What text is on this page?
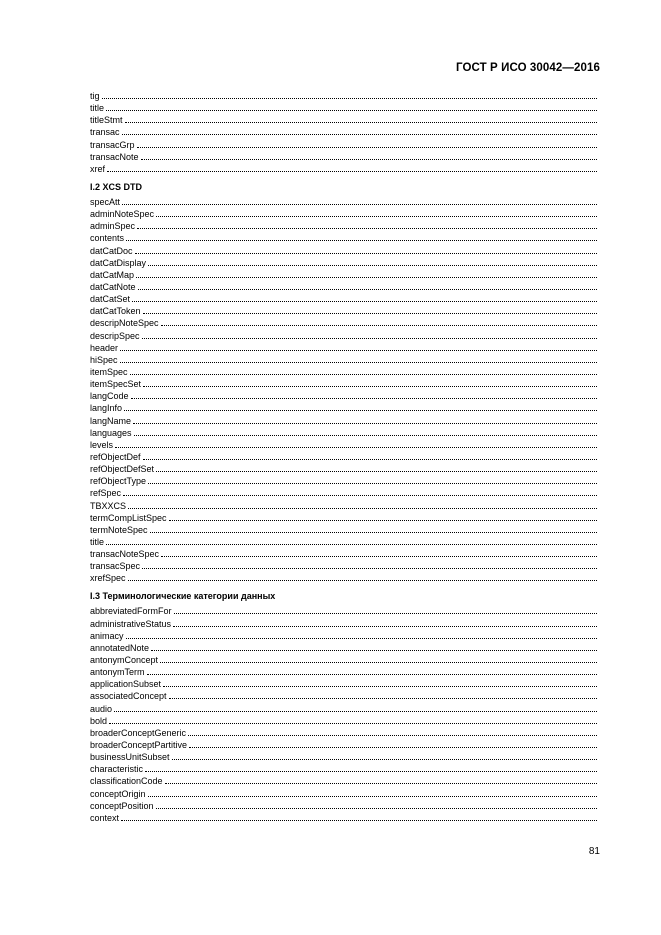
ГОСТ Р ИСО 30042—2016
tig
title
titleStmt
transac
transacGrp
transacNote
xref
I.2 XCS DTD
specAtt
adminNoteSpec
adminSpec
contents
datCatDoc
datCatDisplay
datCatMap
datCatNote
datCatSet
datCatToken
descripNoteSpec
descripSpec
header
hiSpec
itemSpec
itemSpecSet
langCode
langInfo
langName
languages
levels
refObjectDef
refObjectDefSet
refObjectType
refSpec
TBXXCS
termCompListSpec
termNoteSpec
title
transacNoteSpec
transacSpec
xrefSpec
I.3 Терминологические категории данных
abbreviatedFormFor
administrativeStatus
animacy
annotatedNote
antonymConcept
antonymTerm
applicationSubset
associatedConcept
audio
bold
broaderConceptGeneric
broaderConceptPartitive
businessUnitSubset
characteristic
classificationCode
conceptOrigin
conceptPosition
context
81
